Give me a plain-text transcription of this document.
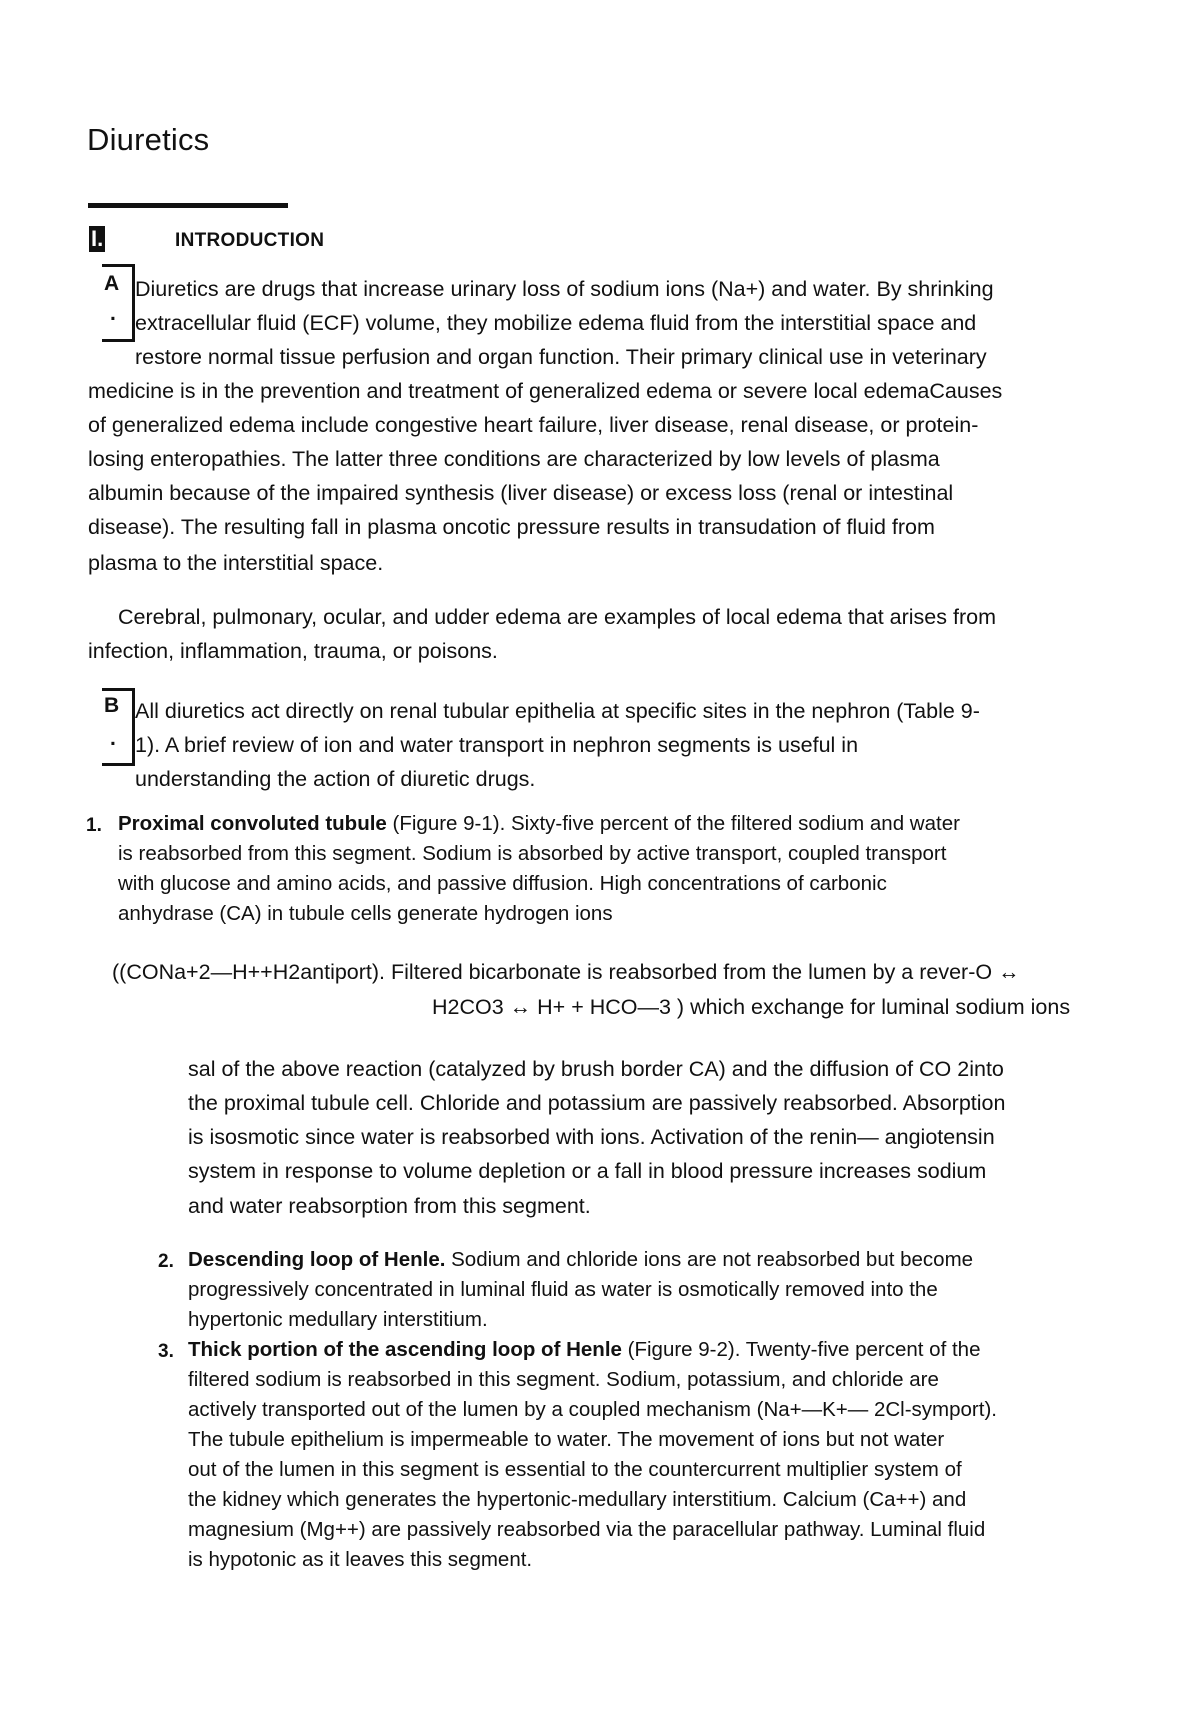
Diuretics
I.	INTRODUCTION
A
.
Diuretics are drugs that increase urinary loss of sodium ions (Na+) and water. By shrinking
extracellular fluid (ECF) volume, they mobilize edema fluid from the interstitial space and
restore normal tissue perfusion and organ function. Their primary clinical use in veterinary
medicine is in the prevention and treatment of generalized edema or severe local edemaCauses
of generalized edema include congestive heart failure, liver disease, renal disease, or protein-
losing enteropathies. The latter three conditions are characterized by low levels of plasma
albumin because of the impaired synthesis (liver disease) or excess loss (renal or intestinal
disease). The resulting fall in plasma oncotic pressure results in transudation of fluid from
plasma to the interstitial space.
Cerebral, pulmonary, ocular, and udder edema are examples of local edema that arises from
infection, inflammation, trauma, or poisons.
B
.
All diuretics act directly on renal tubular epithelia at specific sites in the nephron (Table 9-
1). A brief review of ion and water transport in nephron segments is useful in
understanding the action of diuretic drugs.
1. Proximal convoluted tubule (Figure 9-1). Sixty-five percent of the filtered sodium and water
is reabsorbed from this segment. Sodium is absorbed by active transport, coupled transport
with glucose and amino acids, and passive diffusion. High concentrations of carbonic
anhydrase (CA) in tubule cells generate hydrogen ions
((CONa+2—H++H2antiport). Filtered bicarbonate is reabsorbed from the lumen by a rever-O ↔
H2CO3 ↔ H+ + HCO—3 ) which exchange for luminal sodium ions
sal of the above reaction (catalyzed by brush border CA) and the diffusion of CO 2into
the proximal tubule cell. Chloride and potassium are passively reabsorbed. Absorption
is isosmotic since water is reabsorbed with ions. Activation of the renin— angiotensin
system in response to volume depletion or a fall in blood pressure increases sodium
and water reabsorption from this segment.
2. Descending loop of Henle. Sodium and chloride ions are not reabsorbed but become
progressively concentrated in luminal fluid as water is osmotically removed into the
hypertonic medullary interstitium.
3. Thick portion of the ascending loop of Henle (Figure 9-2). Twenty-five percent of the
filtered sodium is reabsorbed in this segment. Sodium, potassium, and chloride are
actively transported out of the lumen by a coupled mechanism (Na+—K+— 2Cl-symport).
The tubule epithelium is impermeable to water. The movement of ions but not water
out of the lumen in this segment is essential to the countercurrent multiplier system of
the kidney which generates the hypertonic-medullary interstitium. Calcium (Ca++) and
magnesium (Mg++) are passively reabsorbed via the paracellular pathway. Luminal fluid
is hypotonic as it leaves this segment.
